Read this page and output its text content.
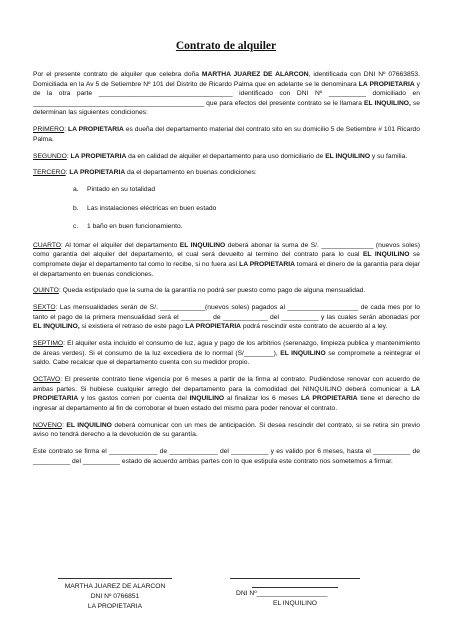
Contrato de alquiler

Por el presente contrato de alquiler que celebra doña MARTHA JUAREZ DE ALARCON, identificada con DNI Nº 07663853. Domiciliada en la Av 5 de Setiembre Nº 101 del Distrito de Ricardo Palma que en adelante se le denominara LA PROPIETARIA y de la otra parte ____________________________________ identificado con DNI Nº __________ domiciliado en ______________________________________________ que para efectos del presente contrato se le llamara EL INQUILINO, se determinan las siguientes condiciones:

PRIMERO: LA PROPIETARIA es dueña del departamento material del contrato sito en su domicilio 5 de Setiembre # 101 Ricardo Palma.

SEGUNDO: LA PROPIETARIA da en calidad de alquiler el departamento para uso domiciliario de EL INQUILINO y su familia.

TERCERO: LA PROPIETARIA da el departamento en buenas condiciones:

a. Pintado en su totalidad
b. Las instalaciones eléctricas en buen estado
c. 1 baño en buen funcionamiento.

CUARTO: Al tomar el alquiler del departamento EL INQUILINO deberá abonar la suma de S/. ______________ (nuevos soles) como garantía del alquiler del departamento, el cual será devuelto al termino del contrato para lo cual EL INQUILINO se compromete dejar el departamento tal como lo recibe, si no fuera así LA PROPIETARIA tomará el dinero de la garantía para dejar el departamento en buenas condiciones.

QUINTO: Queda estipulado que la suma de la garantía no podrá ser puesto como pago de alguna mensualidad.

SEXTO: Las mensualidades serán de S/. ____________(nuevos soles) pagados al ___________________ de cada mes por lo tanto el pago de la primera mensualidad será el ________ de ____________ del __________ y las cuales serán abonadas por EL INQUILINO, si existiera el retraso de este pago LA PROPIETARIA podrá rescindir este contrato de acuerdo al a ley.

SEPTIMO: El alquiler esta incluido el consumo de luz, agua y pago de los arbitrios (serenazgo, limpieza publica y mantenimiento de áreas verdes). Si el consumo de la luz excediera de lo normal (S/________), EL INQUILINO se compromete a reintegrar el saldo. Cabe recalcar que el departamento cuenta con su medidor propio.

OCTAVO: El presente contrato tiene vigencia por 6 meses a partir de la firma al contrato. Pudiéndose renovar con acuerdo de ambas partes. Si hubiese cualquier arreglo del departamento para la comodidad del NINQUILINO deberá comunicar a LA PROPIETARIA y los gastos corren por cuenta del INQUILINO al finalizar los 6 meses LA PROPIETARIA tiene el derecho de ingresar al departamento al fin de corroborar el buen estado del mismo para poder renovar el contrato.

NOVENO: EL INQUILINO deberá comunicar con un mes de anticipación. Si desea rescindir del contrato, si se retira sin previo aviso no tendrá derecho a la devolución de su garantía.

Este contrato se firma el _____________ de _____________ del __________ y es valido por 6 meses, hasta el __________ de __________ del __________ estado de acuerdo ambas partes con lo que estipula este contrato nos sometemos a firmar.

MARTHA JUAREZ DE ALARCON
DNI Nº 0766851
LA PROPIETARIA
DNI Nº___________________
EL INQUILINO
